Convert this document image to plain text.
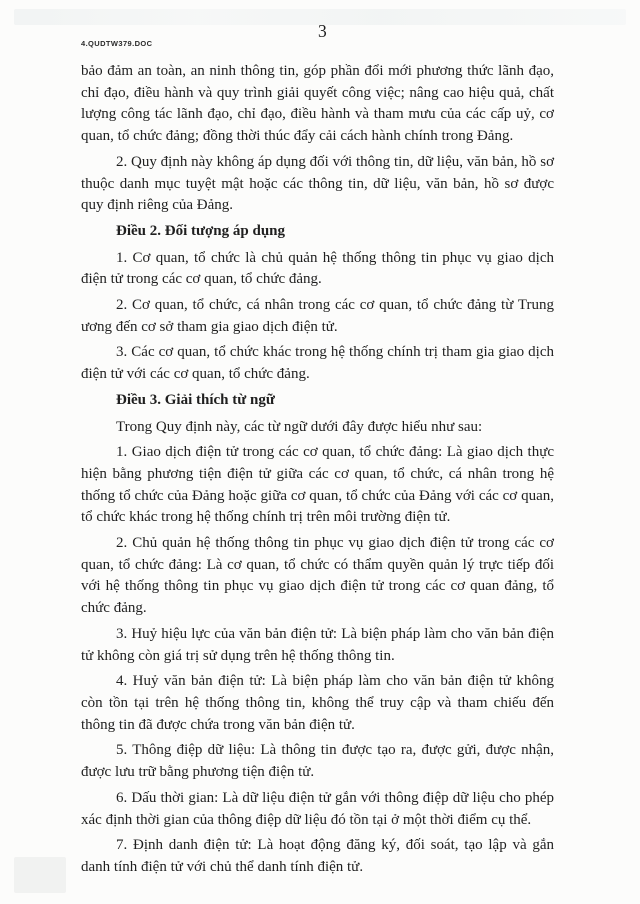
4.QUDTW379.DOC
3

bảo đảm an toàn, an ninh thông tin, góp phần đổi mới phương thức lãnh đạo, chỉ đạo, điều hành và quy trình giải quyết công việc; nâng cao hiệu quả, chất lượng công tác lãnh đạo, chỉ đạo, điều hành và tham mưu của các cấp uỷ, cơ quan, tổ chức đảng; đồng thời thúc đẩy cải cách hành chính trong Đảng.

2. Quy định này không áp dụng đối với thông tin, dữ liệu, văn bản, hồ sơ thuộc danh mục tuyệt mật hoặc các thông tin, dữ liệu, văn bản, hồ sơ được quy định riêng của Đảng.

Điều 2. Đối tượng áp dụng

1. Cơ quan, tổ chức là chủ quản hệ thống thông tin phục vụ giao dịch điện tử trong các cơ quan, tổ chức đảng.

2. Cơ quan, tổ chức, cá nhân trong các cơ quan, tổ chức đảng từ Trung ương đến cơ sở tham gia giao dịch điện tử.

3. Các cơ quan, tổ chức khác trong hệ thống chính trị tham gia giao dịch điện tử với các cơ quan, tổ chức đảng.

Điều 3. Giải thích từ ngữ

Trong Quy định này, các từ ngữ dưới đây được hiểu như sau:

1. Giao dịch điện tử trong các cơ quan, tổ chức đảng: Là giao dịch thực hiện bằng phương tiện điện tử giữa các cơ quan, tổ chức, cá nhân trong hệ thống tổ chức của Đảng hoặc giữa cơ quan, tổ chức của Đảng với các cơ quan, tổ chức khác trong hệ thống chính trị trên môi trường điện tử.

2. Chủ quản hệ thống thông tin phục vụ giao dịch điện tử trong các cơ quan, tổ chức đảng: Là cơ quan, tổ chức có thẩm quyền quản lý trực tiếp đối với hệ thống thông tin phục vụ giao dịch điện tử trong các cơ quan đảng, tổ chức đảng.

3. Huỷ hiệu lực của văn bản điện tử: Là biện pháp làm cho văn bản điện tử không còn giá trị sử dụng trên hệ thống thông tin.

4. Huỷ văn bản điện tử: Là biện pháp làm cho văn bản điện tử không còn tồn tại trên hệ thống thông tin, không thể truy cập và tham chiếu đến thông tin đã được chứa trong văn bản điện tử.

5. Thông điệp dữ liệu: Là thông tin được tạo ra, được gửi, được nhận, được lưu trữ bằng phương tiện điện tử.

6. Dấu thời gian: Là dữ liệu điện tử gắn với thông điệp dữ liệu cho phép xác định thời gian của thông điệp dữ liệu đó tồn tại ở một thời điểm cụ thể.

7. Định danh điện tử: Là hoạt động đăng ký, đối soát, tạo lập và gắn danh tính điện tử với chủ thể danh tính điện tử.
